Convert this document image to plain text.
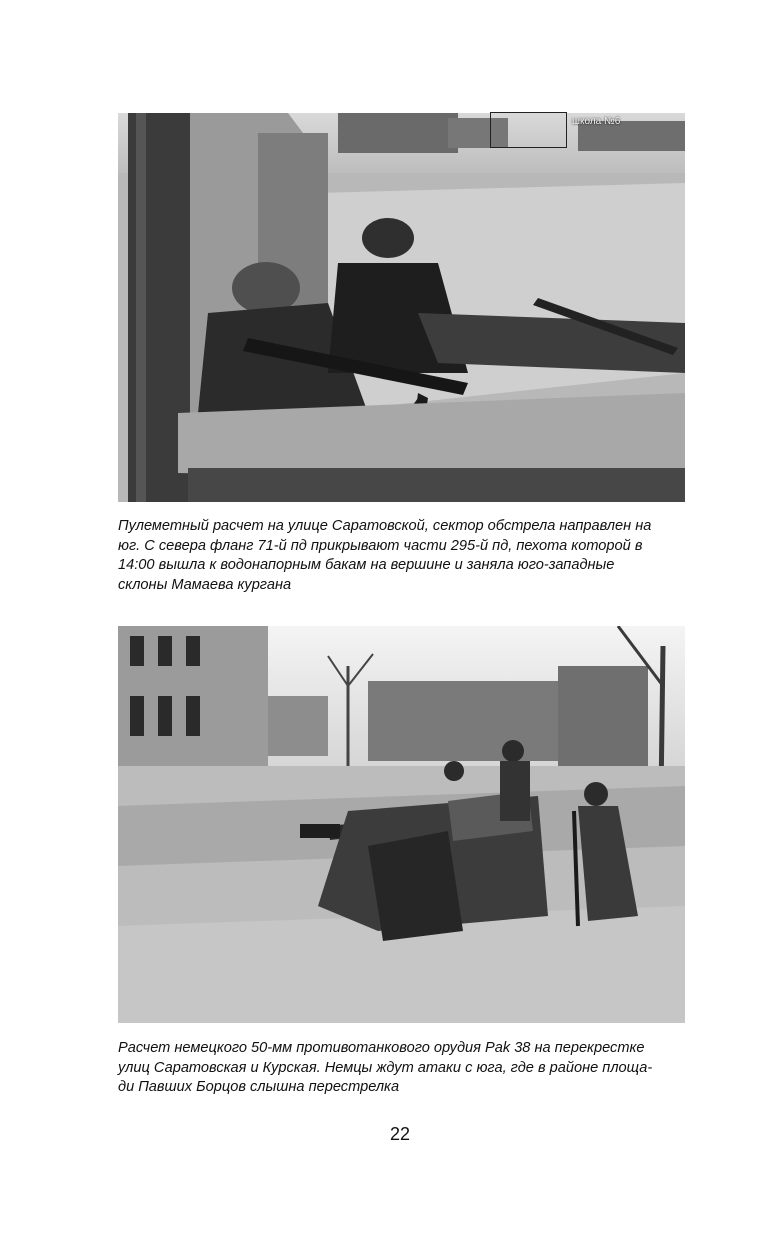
школа №6
Пулеметный расчет на улице Саратовской, сектор обстрела направлен на
юг. С севера фланг 71-й пд прикрывают части 295-й пд, пехота которой в
14:00 вышла к водонапорным бакам на вершине и заняла юго-западные
склоны Мамаева кургана
Расчет немецкого 50-мм противотанкового орудия Pak 38 на перекрестке
улиц Саратовская и Курская. Немцы ждут атаки с юга, где в районе площа-
ди Павших Борцов слышна перестрелка
22
